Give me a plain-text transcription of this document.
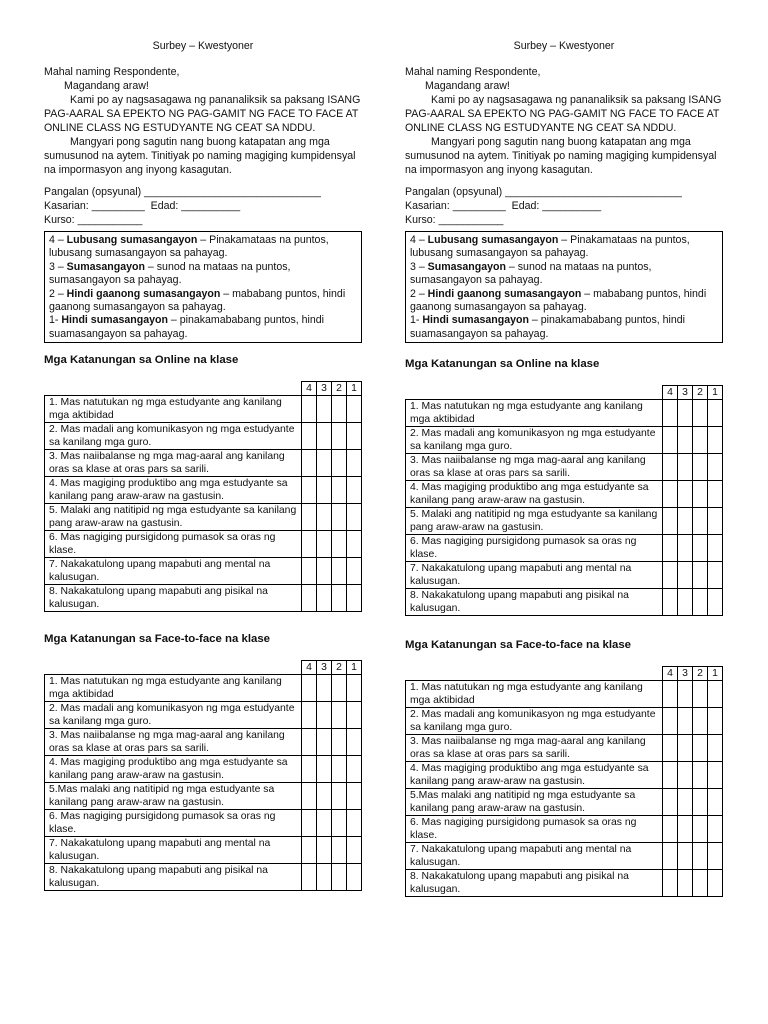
Surbey – Kwestyoner

Mahal naming Respondente,

Magandang araw!

Kami po ay nagsasagawa ng pananaliksik sa paksang ISANG PAG-AARAL SA EPEKTO NG PAG-GAMIT NG FACE TO FACE AT ONLINE CLASS NG ESTUDYANTE NG CEAT SA NDDU.

Mangyari pong sagutin nang buong katapatan ang mga sumusunod na aytem. Tinitiyak po naming magiging kumpidensyal na impormasyon ang inyong kasagutan.

Pangalan (opsyunal) ______________________________

Kasarian: _________ Edad: __________

Kurso: ___________

4 – Lubusang sumasangayon – Pinakamataas na puntos, lubusang sumasangayon sa pahayag.

3 – Sumasangayon – sunod na mataas na puntos, sumasangayon sa pahayag.

2 – Hindi gaanong sumasangayon – mababang puntos, hindi gaanong sumasangayon sa pahayag.

1- Hindi sumasangayon – pinakamababang puntos, hindi suamasangayon sa pahayag.

Mga Katanungan sa Online na klase
	4	3	2	1
1. Mas natutukan ng mga estudyante ang kanilang mga aktibidad				
2. Mas madali ang komunikasyon ng mga estudyante sa kanilang mga guro.				
3. Mas naiibalanse ng mga mag-aaral ang kanilang oras sa klase at oras pars sa sarili.				
4. Mas magiging produktibo ang mga estudyante sa kanilang pang araw-araw na gastusin.				
5. Malaki ang natitipid ng mga estudyante sa kanilang pang araw-araw na gastusin.				
6. Mas nagiging pursigidong pumasok sa oras ng klase.				
7. Nakakatulong upang mapabuti ang mental na kalusugan.				
8. Nakakatulong upang mapabuti ang pisikal na kalusugan.				
Mga Katanungan sa Face-to-face na klase
	4	3	2	1
1. Mas natutukan ng mga estudyante ang kanilang mga aktibidad				
2. Mas madali ang komunikasyon ng mga estudyante sa kanilang mga guro.				
3. Mas naiibalanse ng mga mag-aaral ang kanilang oras sa klase at oras pars sa sarili.				
4. Mas magiging produktibo ang mga estudyante sa kanilang pang araw-araw na gastusin.				
5.Mas malaki ang natitipid ng mga estudyante sa kanilang pang araw-araw na gastusin.				
6. Mas nagiging pursigidong pumasok sa oras ng klase.				
7. Nakakatulong upang mapabuti ang mental na kalusugan.				
8. Nakakatulong upang mapabuti ang pisikal na kalusugan.				
Surbey – Kwestyoner

Mahal naming Respondente,

Magandang araw!

Kami po ay nagsasagawa ng pananaliksik sa paksang ISANG PAG-AARAL SA EPEKTO NG PAG-GAMIT NG FACE TO FACE AT ONLINE CLASS NG ESTUDYANTE NG CEAT SA NDDU.

Mangyari pong sagutin nang buong katapatan ang mga sumusunod na aytem. Tinitiyak po naming magiging kumpidensyal na impormasyon ang inyong kasagutan.

Pangalan (opsyunal) ______________________________

Kasarian: _________ Edad: __________

Kurso: ___________

4 – Lubusang sumasangayon – Pinakamataas na puntos, lubusang sumasangayon sa pahayag.

3 – Sumasangayon – sunod na mataas na puntos, sumasangayon sa pahayag.

2 – Hindi gaanong sumasangayon – mababang puntos, hindi gaanong sumasangayon sa pahayag.

1- Hindi sumasangayon – pinakamababang puntos, hindi suamasangayon sa pahayag.

Mga Katanungan sa Online na klase
	4	3	2	1
1. Mas natutukan ng mga estudyante ang kanilang mga aktibidad				
2. Mas madali ang komunikasyon ng mga estudyante sa kanilang mga guro.				
3. Mas naiibalanse ng mga mag-aaral ang kanilang oras sa klase at oras pars sa sarili.				
4. Mas magiging produktibo ang mga estudyante sa kanilang pang araw-araw na gastusin.				
5. Malaki ang natitipid ng mga estudyante sa kanilang pang araw-araw na gastusin.				
6. Mas nagiging pursigidong pumasok sa oras ng klase.				
7. Nakakatulong upang mapabuti ang mental na kalusugan.				
8. Nakakatulong upang mapabuti ang pisikal na kalusugan.				
Mga Katanungan sa Face-to-face na klase
	4	3	2	1
1. Mas natutukan ng mga estudyante ang kanilang mga aktibidad				
2. Mas madali ang komunikasyon ng mga estudyante sa kanilang mga guro.				
3. Mas naiibalanse ng mga mag-aaral ang kanilang oras sa klase at oras pars sa sarili.				
4. Mas magiging produktibo ang mga estudyante sa kanilang pang araw-araw na gastusin.				
5.Mas malaki ang natitipid ng mga estudyante sa kanilang pang araw-araw na gastusin.				
6. Mas nagiging pursigidong pumasok sa oras ng klase.				
7. Nakakatulong upang mapabuti ang mental na kalusugan.				
8. Nakakatulong upang mapabuti ang pisikal na kalusugan.				
